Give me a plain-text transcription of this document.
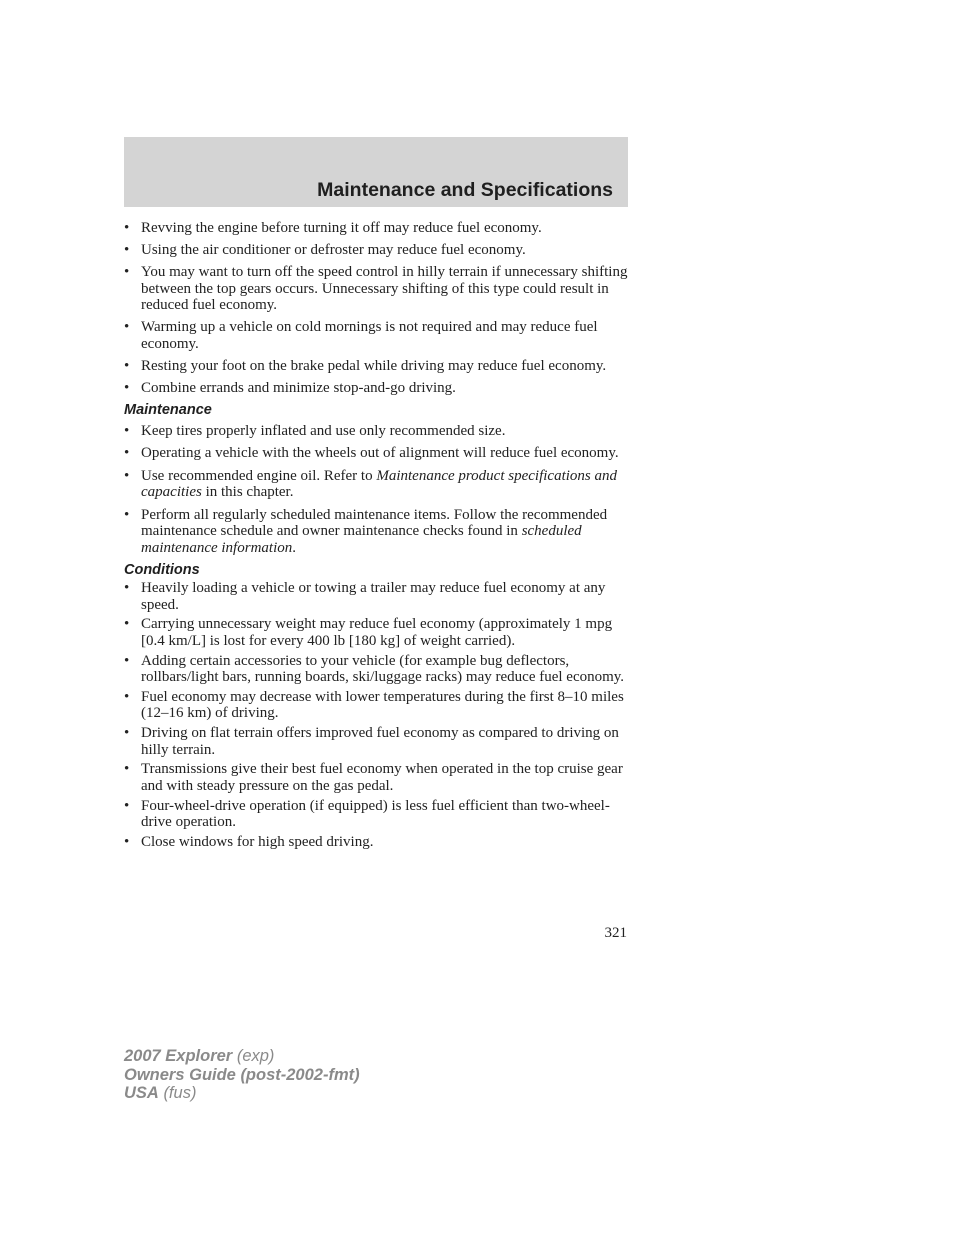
Maintenance and Specifications
• Revving the engine before turning it off may reduce fuel economy.
• Using the air conditioner or defroster may reduce fuel economy.
• You may want to turn off the speed control in hilly terrain if unnecessary shifting between the top gears occurs. Unnecessary shifting of this type could result in reduced fuel economy.
• Warming up a vehicle on cold mornings is not required and may reduce fuel economy.
• Resting your foot on the brake pedal while driving may reduce fuel economy.
• Combine errands and minimize stop-and-go driving.
Maintenance
• Keep tires properly inflated and use only recommended size.
• Operating a vehicle with the wheels out of alignment will reduce fuel economy.
• Use recommended engine oil. Refer to Maintenance product specifications and capacities in this chapter.
• Perform all regularly scheduled maintenance items. Follow the recommended maintenance schedule and owner maintenance checks found in scheduled maintenance information.
Conditions
• Heavily loading a vehicle or towing a trailer may reduce fuel economy at any speed.
• Carrying unnecessary weight may reduce fuel economy (approximately 1 mpg [0.4 km/L] is lost for every 400 lb [180 kg] of weight carried).
• Adding certain accessories to your vehicle (for example bug deflectors, rollbars/light bars, running boards, ski/luggage racks) may reduce fuel economy.
• Fuel economy may decrease with lower temperatures during the first 8–10 miles (12–16 km) of driving.
• Driving on flat terrain offers improved fuel economy as compared to driving on hilly terrain.
• Transmissions give their best fuel economy when operated in the top cruise gear and with steady pressure on the gas pedal.
• Four-wheel-drive operation (if equipped) is less fuel efficient than two-wheel-drive operation.
• Close windows for high speed driving.

321

2007 Explorer (exp)
Owners Guide (post-2002-fmt)
USA (fus)
